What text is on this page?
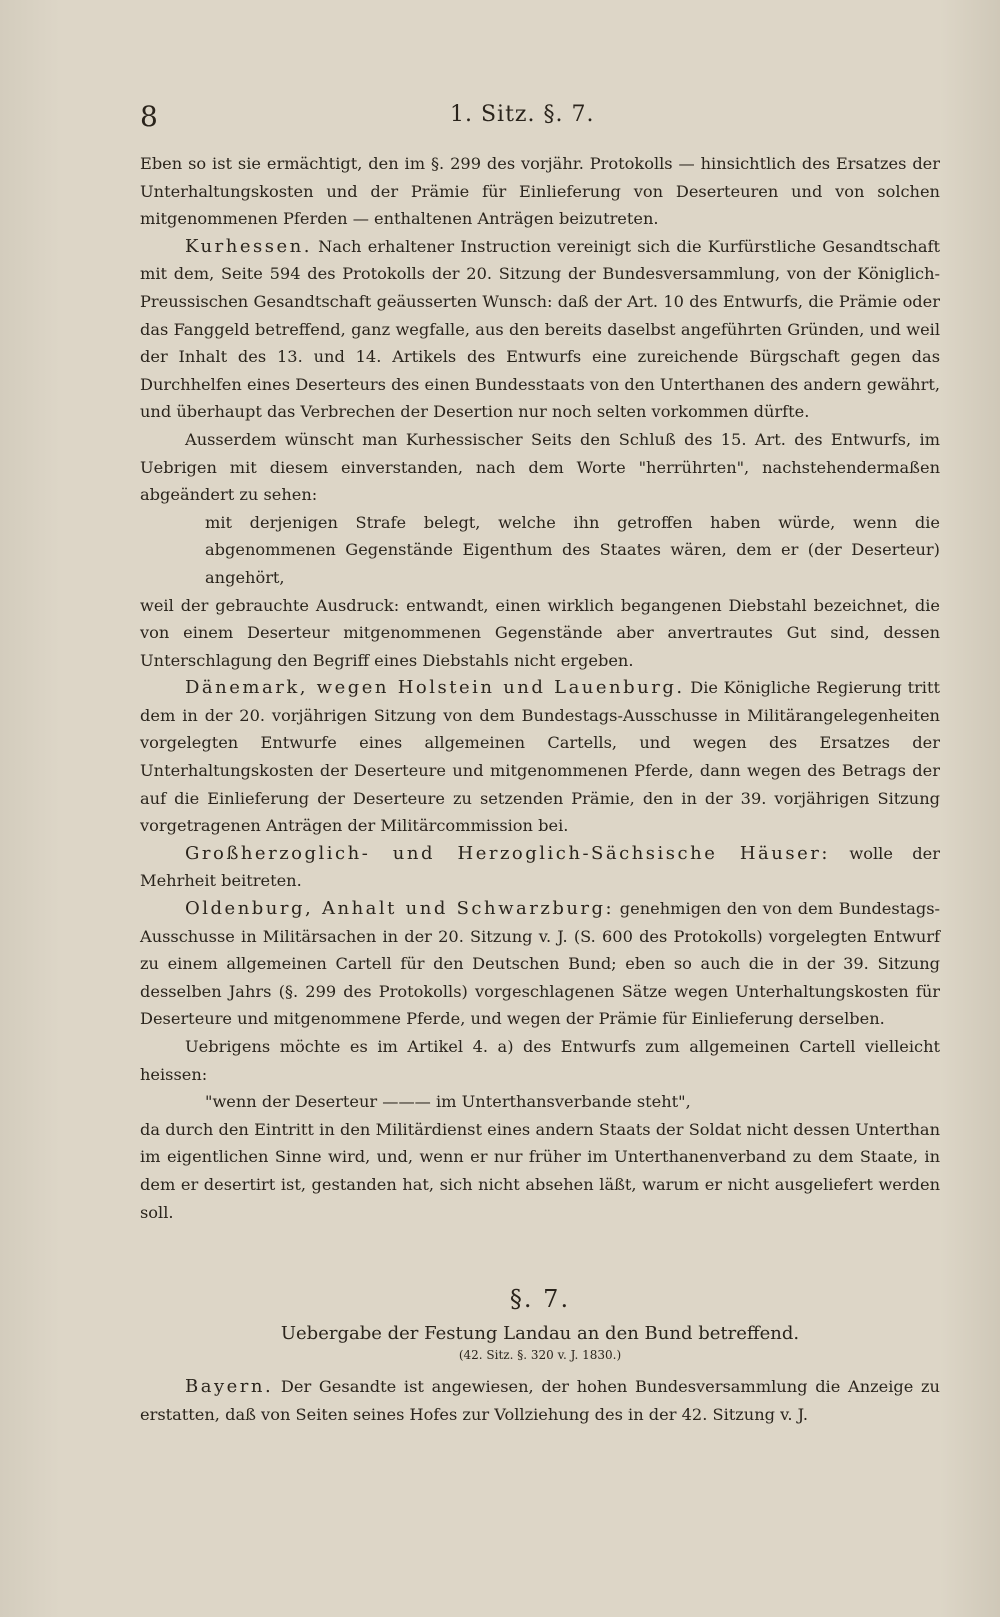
8	1. Sitz. §. 7.

Eben so ist sie ermächtigt, den im §. 299 des vorjähr. Protokolls — hinsichtlich des Ersatzes der Unterhaltungskosten und der Prämie für Einlieferung von Deserteuren und von solchen mitgenommenen Pferden — enthaltenen Anträgen beizutreten.

Kurhessen. Nach erhaltener Instruction vereinigt sich die Kurfürstliche Gesandtschaft mit dem, Seite 594 des Protokolls der 20. Sitzung der Bundesversammlung, von der Königlich-Preussischen Gesandtschaft geäusserten Wunsch: daß der Art. 10 des Entwurfs, die Prämie oder das Fanggeld betreffend, ganz wegfalle, aus den bereits daselbst angeführten Gründen, und weil der Inhalt des 13. und 14. Artikels des Entwurfs eine zureichende Bürgschaft gegen das Durchhelfen eines Deserteurs des einen Bundesstaats von den Unterthanen des andern gewährt, und überhaupt das Verbrechen der Desertion nur noch selten vorkommen dürfte.

Ausserdem wünscht man Kurhessischer Seits den Schluß des 15. Art. des Entwurfs, im Uebrigen mit diesem einverstanden, nach dem Worte "herrührten", nachstehendermaßen abgeändert zu sehen:

mit derjenigen Strafe belegt, welche ihn getroffen haben würde, wenn die abgenommenen Gegenstände Eigenthum des Staates wären, dem er (der Deserteur) angehört,

weil der gebrauchte Ausdruck: entwandt, einen wirklich begangenen Diebstahl bezeichnet, die von einem Deserteur mitgenommenen Gegenstände aber anvertrautes Gut sind, dessen Unterschlagung den Begriff eines Diebstahls nicht ergeben.

Dänemark, wegen Holstein und Lauenburg. Die Königliche Regierung tritt dem in der 20. vorjährigen Sitzung von dem Bundestags-Ausschusse in Militärangelegenheiten vorgelegten Entwurfe eines allgemeinen Cartells, und wegen des Ersatzes der Unterhaltungskosten der Deserteure und mitgenommenen Pferde, dann wegen des Betrags der auf die Einlieferung der Deserteure zu setzenden Prämie, den in der 39. vorjährigen Sitzung vorgetragenen Anträgen der Militärcommission bei.

Großherzoglich- und Herzoglich-Sächsische Häuser: wolle der Mehrheit beitreten.

Oldenburg, Anhalt und Schwarzburg: genehmigen den von dem Bundestags-Ausschusse in Militärsachen in der 20. Sitzung v. J. (S. 600 des Protokolls) vorgelegten Entwurf zu einem allgemeinen Cartell für den Deutschen Bund; eben so auch die in der 39. Sitzung desselben Jahrs (§. 299 des Protokolls) vorgeschlagenen Sätze wegen Unterhaltungskosten für Deserteure und mitgenommene Pferde, und wegen der Prämie für Einlieferung derselben.

Uebrigens möchte es im Artikel 4. a) des Entwurfs zum allgemeinen Cartell vielleicht heissen:

"wenn der Deserteur ——— im Unterthansverbande steht",

da durch den Eintritt in den Militärdienst eines andern Staats der Soldat nicht dessen Unterthan im eigentlichen Sinne wird, und, wenn er nur früher im Unterthanenverband zu dem Staate, in dem er desertirt ist, gestanden hat, sich nicht absehen läßt, warum er nicht ausgeliefert werden soll.

§. 7.
Uebergabe der Festung Landau an den Bund betreffend.
(42. Sitz. §. 320 v. J. 1830.)

Bayern. Der Gesandte ist angewiesen, der hohen Bundesversammlung die Anzeige zu erstatten, daß von Seiten seines Hofes zur Vollziehung des in der 42. Sitzung v. J.
